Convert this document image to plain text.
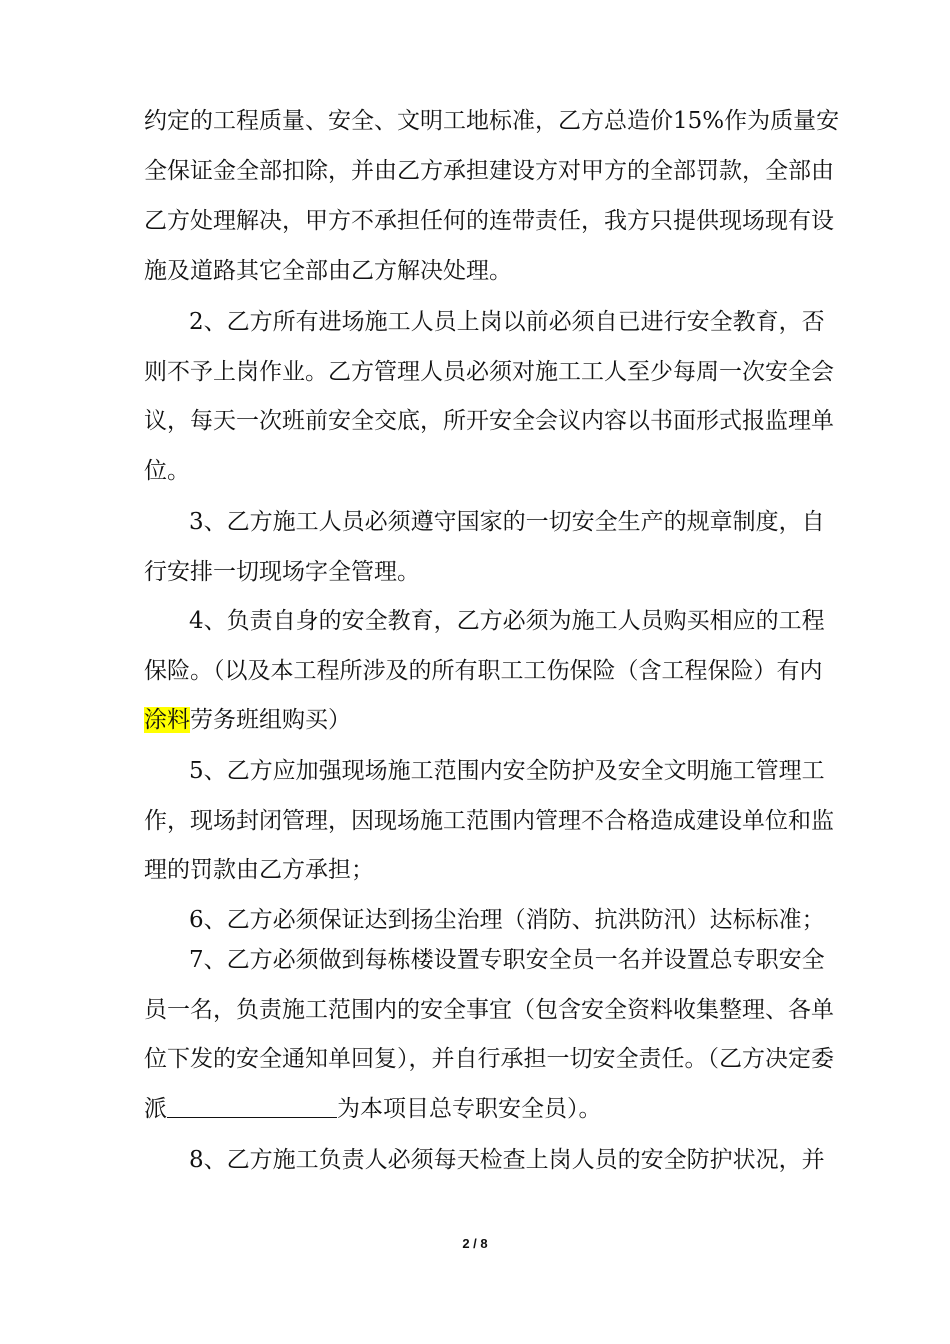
约定的工程质量、安全、文明工地标准，乙方总造价15%作为质量安
全保证金全部扣除，并由乙方承担建设方对甲方的全部罚款，全部由
乙方处理解决，甲方不承担任何的连带责任，我方只提供现场现有设
施及道路其它全部由乙方解决处理。
2、乙方所有进场施工人员上岗以前必须自已进行安全教育，否
则不予上岗作业。乙方管理人员必须对施工工人至少每周一次安全会
议，每天一次班前安全交底，所开安全会议内容以书面形式报监理单
位。
3、乙方施工人员必须遵守国家的一切安全生产的规章制度，自
行安排一切现场字全管理。
4、负责自身的安全教育，乙方必须为施工人员购买相应的工程
保险。（以及本工程所涉及的所有职工工伤保险（含工程保险）有内
涂料劳务班组购买）
5、乙方应加强现场施工范围内安全防护及安全文明施工管理工
作，现场封闭管理，因现场施工范围内管理不合格造成建设单位和监
理的罚款由乙方承担；
6、乙方必须保证达到扬尘治理（消防、抗洪防汛）达标标准；
7、乙方必须做到每栋楼设置专职安全员一名并设置总专职安全
员一名，负责施工范围内的安全事宜（包含安全资料收集整理、各单
位下发的安全通知单回复），并自行承担一切安全责任。（乙方决定委
派	为本项目总专职安全员）。
8、乙方施工负责人必须每天检查上岗人员的安全防护状况，并
2 / 8
